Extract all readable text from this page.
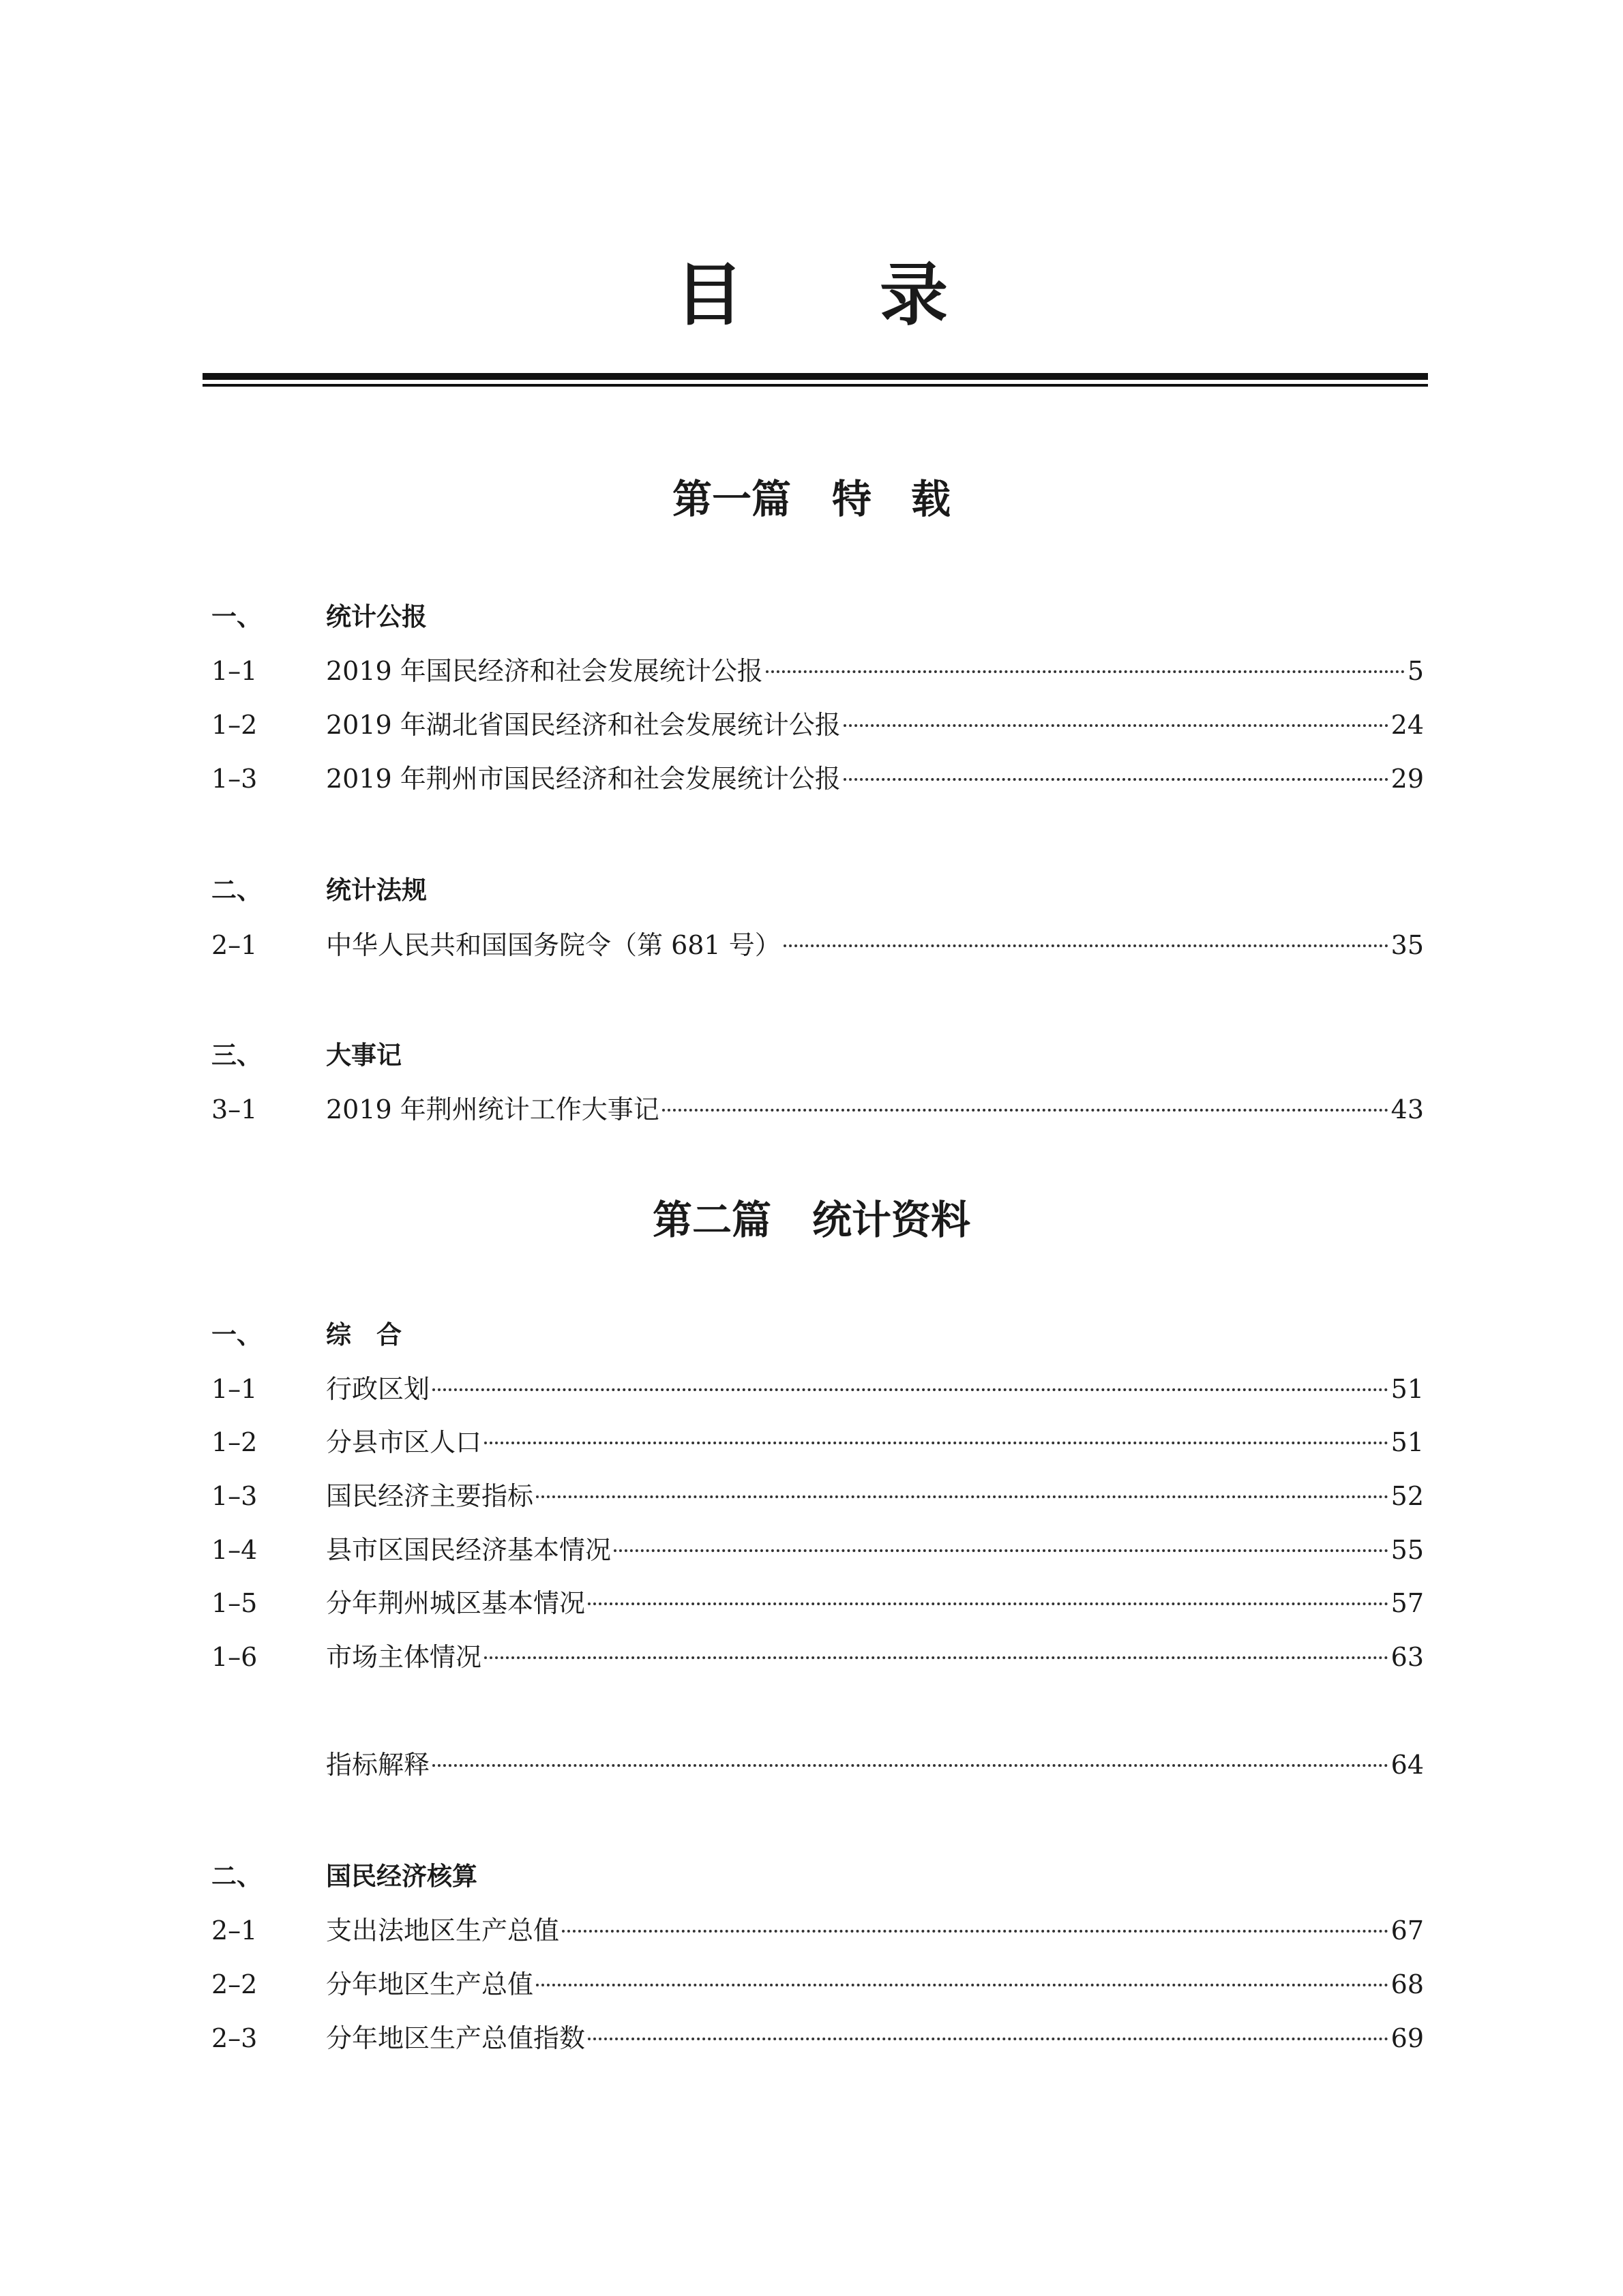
目 录
第一篇 特　载
一、	统计公报
1–1	2019 年国民经济和社会发展统计公报	5
1–2	2019 年湖北省国民经济和社会发展统计公报	24
1–3	2019 年荆州市国民经济和社会发展统计公报	29
二、	统计法规
2–1	中华人民共和国国务院令（第 681 号）	35
三、	大事记
3–1	2019 年荆州统计工作大事记	43
第二篇 统计资料
一、	综　合
1–1	行政区划	51
1–2	分县市区人口	51
1–3	国民经济主要指标	52
1–4	县市区国民经济基本情况	55
1–5	分年荆州城区基本情况	57
1–6	市场主体情况	63
指标解释	64
二、	国民经济核算
2–1	支出法地区生产总值	67
2–2	分年地区生产总值	68
2–3	分年地区生产总值指数	69
